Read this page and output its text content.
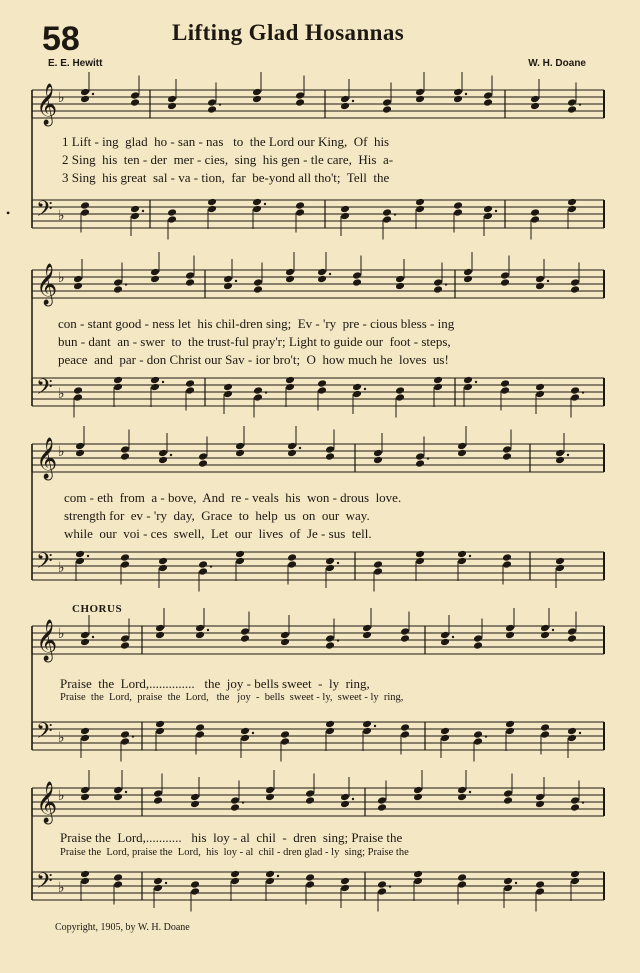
58	Lifting Glad Hosannas
E. E. Hewitt	W. H. Doane
𝄞 ♭
𝄢 ♭

1 Lift - ing  glad  ho - san - nas   to  the Lord our King,  Of  his

2 Sing  his  ten - der  mer - cies,  sing  his gen - tle care,  His  a-

3 Sing  his great  sal - va - tion,  far  be-yond all tho't;  Tell  the

•
𝄞 ♭
𝄢 ♭

con - stant good - ness let  his chil-dren sing;  Ev - 'ry  pre - cious bless - ing

bun - dant  an - swer  to  the trust-ful pray'r; Light to guide our  foot - steps,

peace  and  par - don Christ our Sav - ior bro't;  O  how much he  loves  us!

𝄞 ♭
𝄢 ♭

com - eth  from  a - bove,  And  re - veals  his  won - drous  love.

strength for  ev - 'ry  day,  Grace  to  help  us  on  our  way.

while  our  voi - ces  swell,  Let  our  lives  of  Je - sus  tell.

CHORUS
𝄞 ♭
𝄢 ♭

Praise  the  Lord,..............   the  joy - bells sweet  -  ly  ring,

Praise  the  Lord,  praise  the  Lord,   the   joy  -  bells  sweet - ly,  sweet - ly  ring,

𝄞 ♭
𝄢 ♭

Praise the  Lord,...........   his  loy - al  chil  -  dren  sing; Praise the

Praise the  Lord, praise the  Lord,  his  loy - al  chil - dren glad - ly  sing; Praise the

Copyright, 1905, by W. H. Doane
